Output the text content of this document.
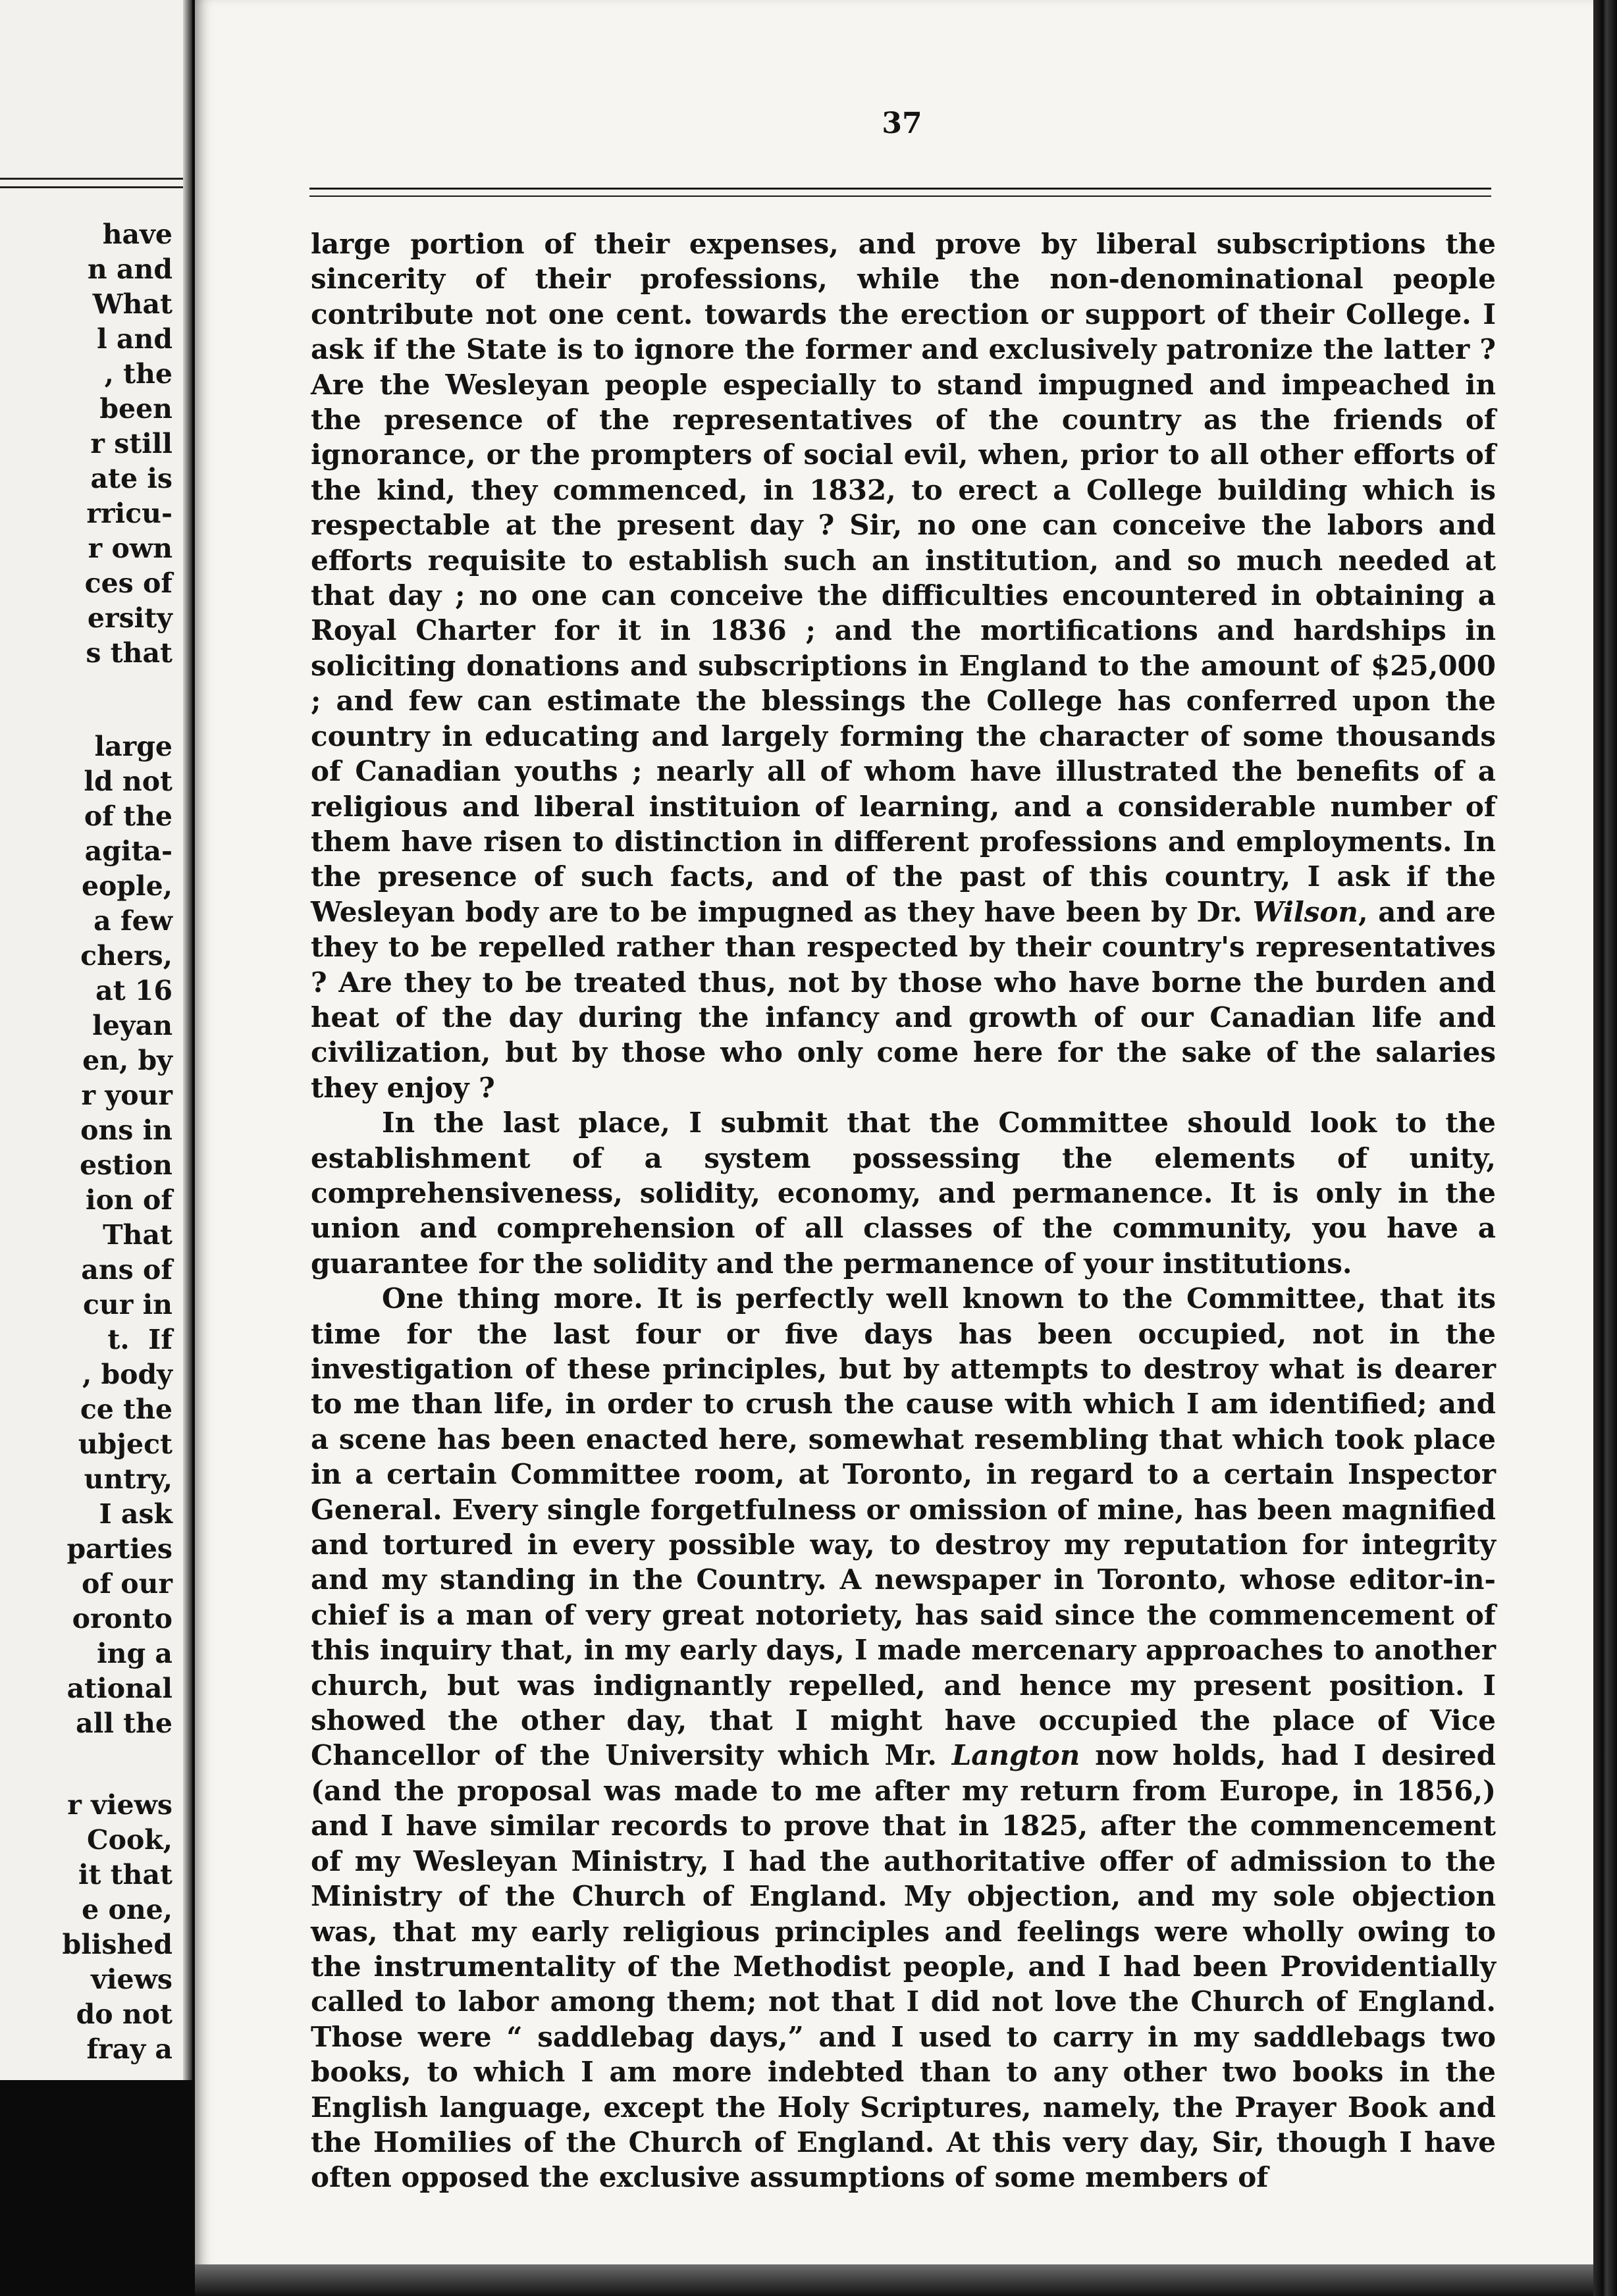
have
n and
What
l and
, the
been
r still
ate is
rricu-
r own
ces of
ersity
s that

large
ld not
of the
agita-
eople,
a few
chers,
at 16
leyan
en, by
r your
ons in
estion
ion of
That
ans of
cur in
t.  If
, body
ce the
ubject
untry,
I ask
parties
of our
oronto
ing a
ational
all the

r views
Cook,
it that
e one,
blished
views
do not
fray a

37

large portion of their expenses, and prove by liberal subscriptions the sincerity of their professions, while the non-denominational people contribute not one cent. towards the erection or support of their College. I ask if the State is to ignore the former and exclusively patronize the latter ? Are the Wesleyan people especially to stand impugned and impeached in the presence of the representatives of the country as the friends of ignorance, or the prompters of social evil, when, prior to all other efforts of the kind, they commenced, in 1832, to erect a College building which is respectable at the present day ? Sir, no one can conceive the labors and efforts requisite to establish such an institution, and so much needed at that day ; no one can conceive the difficulties encountered in obtaining a Royal Charter for it in 1836 ; and the mortifications and hardships in soliciting donations and subscriptions in England to the amount of $25,000 ; and few can estimate the blessings the College has conferred upon the country in educating and largely forming the character of some thousands of Canadian youths ; nearly all of whom have illustrated the benefits of a religious and liberal instituion of learning, and a considerable number of them have risen to distinction in different professions and employments. In the presence of such facts, and of the past of this country, I ask if the Wesleyan body are to be impugned as they have been by Dr. Wilson, and are they to be repelled rather than respected by their country's representatives ? Are they to be treated thus, not by those who have borne the burden and heat of the day during the infancy and growth of our Canadian life and civilization, but by those who only come here for the sake of the salaries they enjoy ?

In the last place, I submit that the Committee should look to the establishment of a system possessing the elements of unity, comprehensiveness, solidity, economy, and permanence. It is only in the union and comprehension of all classes of the community, you have a guarantee for the solidity and the permanence of your institutions.

One thing more. It is perfectly well known to the Committee, that its time for the last four or five days has been occupied, not in the investigation of these principles, but by attempts to destroy what is dearer to me than life, in order to crush the cause with which I am identified; and a scene has been enacted here, somewhat resembling that which took place in a certain Committee room, at Toronto, in regard to a certain Inspector General. Every single forgetfulness or omission of mine, has been magnified and tortured in every possible way, to destroy my reputation for integrity and my standing in the Country. A newspaper in Toronto, whose editor-in-chief is a man of very great notoriety, has said since the commencement of this inquiry that, in my early days, I made mercenary approaches to another church, but was indignantly repelled, and hence my present position. I showed the other day, that I might have occupied the place of Vice Chancellor of the University which Mr. Langton now holds, had I desired (and the proposal was made to me after my return from Europe, in 1856,) and I have similar records to prove that in 1825, after the commencement of my Wesleyan Ministry, I had the authoritative offer of admission to the Ministry of the Church of England. My objection, and my sole objection was, that my early religious principles and feelings were wholly owing to the instrumentality of the Methodist people, and I had been Providentially called to labor among them; not that I did not love the Church of England. Those were “ saddlebag days,” and I used to carry in my saddlebags two books, to which I am more indebted than to any other two books in the English language, except the Holy Scriptures, namely, the Prayer Book and the Homilies of the Church of England. At this very day, Sir, though I have often opposed the exclusive assumptions of some members of
